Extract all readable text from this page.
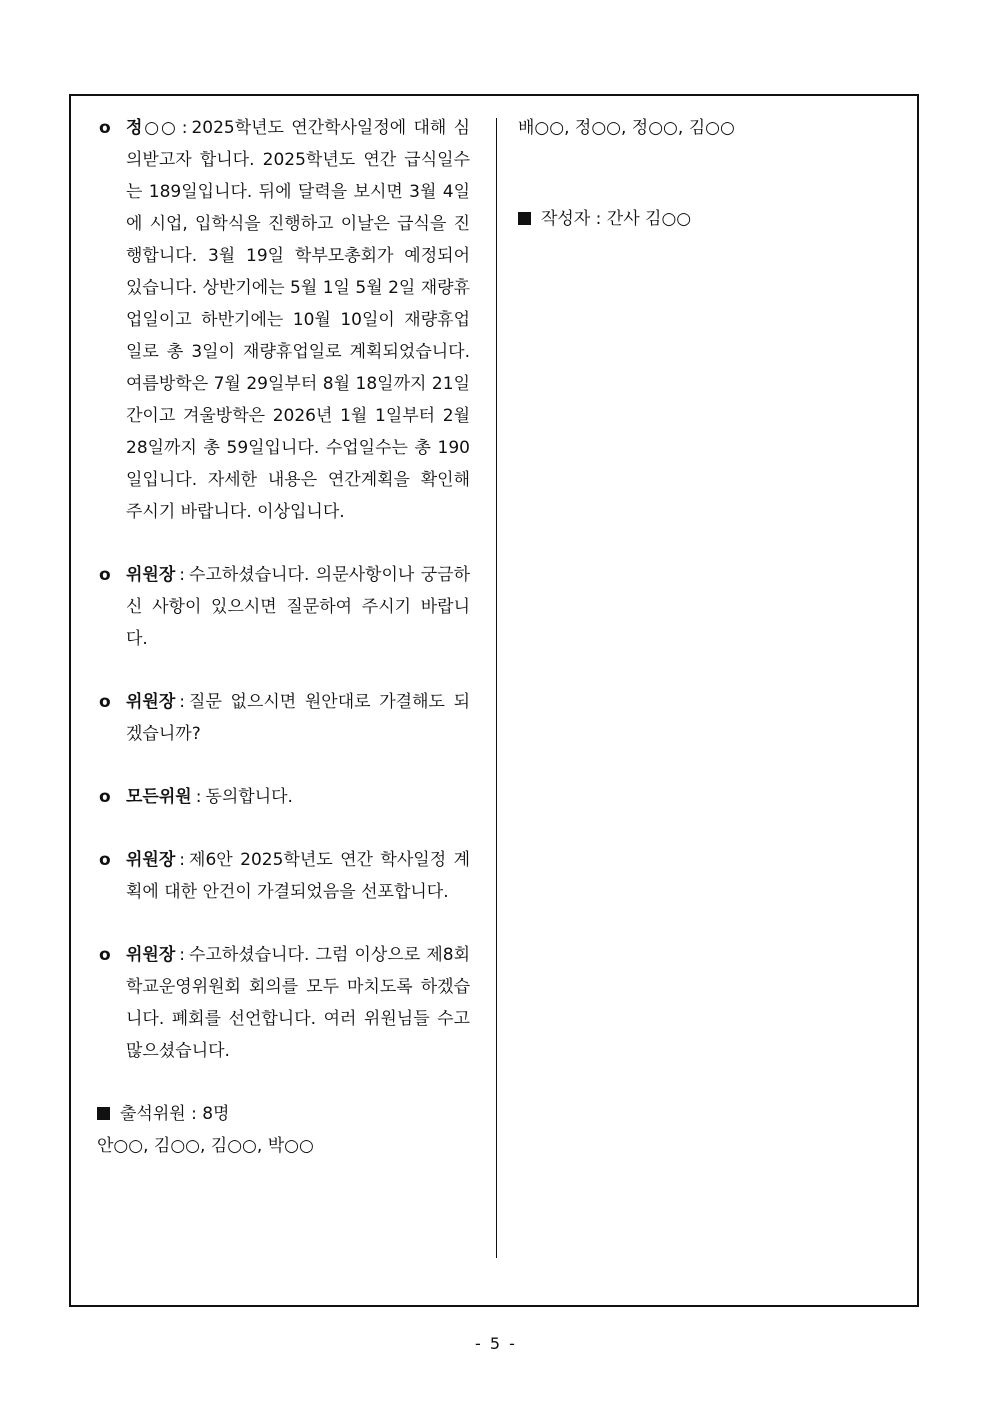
o 정○○ : 2025학년도 연간학사일정에 대해 심의받고자 합니다. 2025학년도 연간 급식일수는 189일입니다. 뒤에 달력을 보시면 3월 4일에 시업, 입학식을 진행하고 이날은 급식을 진행합니다. 3월 19일 학부모총회가 예정되어 있습니다. 상반기에는 5월 1일 5월 2일 재량휴업일이고 하반기에는 10월 10일이 재량휴업일로 총 3일이 재량휴업일로 계획되었습니다. 여름방학은 7월 29일부터 8월 18일까지 21일간이고 겨울방학은 2026년 1월 1일부터 2월 28일까지 총 59일입니다. 수업일수는 총 190일입니다. 자세한 내용은 연간계획을 확인해 주시기 바랍니다. 이상입니다.
o 위원장 : 수고하셨습니다. 의문사항이나 궁금하신 사항이 있으시면 질문하여 주시기 바랍니다.
o 위원장 : 질문 없으시면 원안대로 가결해도 되겠습니까?
o 모든위원 : 동의합니다.
o 위원장 : 제6안 2025학년도 연간 학사일정 계획에 대한 안건이 가결되었음을 선포합니다.
o 위원장 : 수고하셨습니다. 그럼 이상으로 제8회 학교운영위원회 회의를 모두 마치도록 하겠습니다. 폐회를 선언합니다. 여러 위원님들 수고 많으셨습니다.
출석위원 : 8명
안○○, 김○○, 김○○, 박○○
배○○, 정○○, 정○○, 김○○
작성자 : 간사 김○○
- 5 -
